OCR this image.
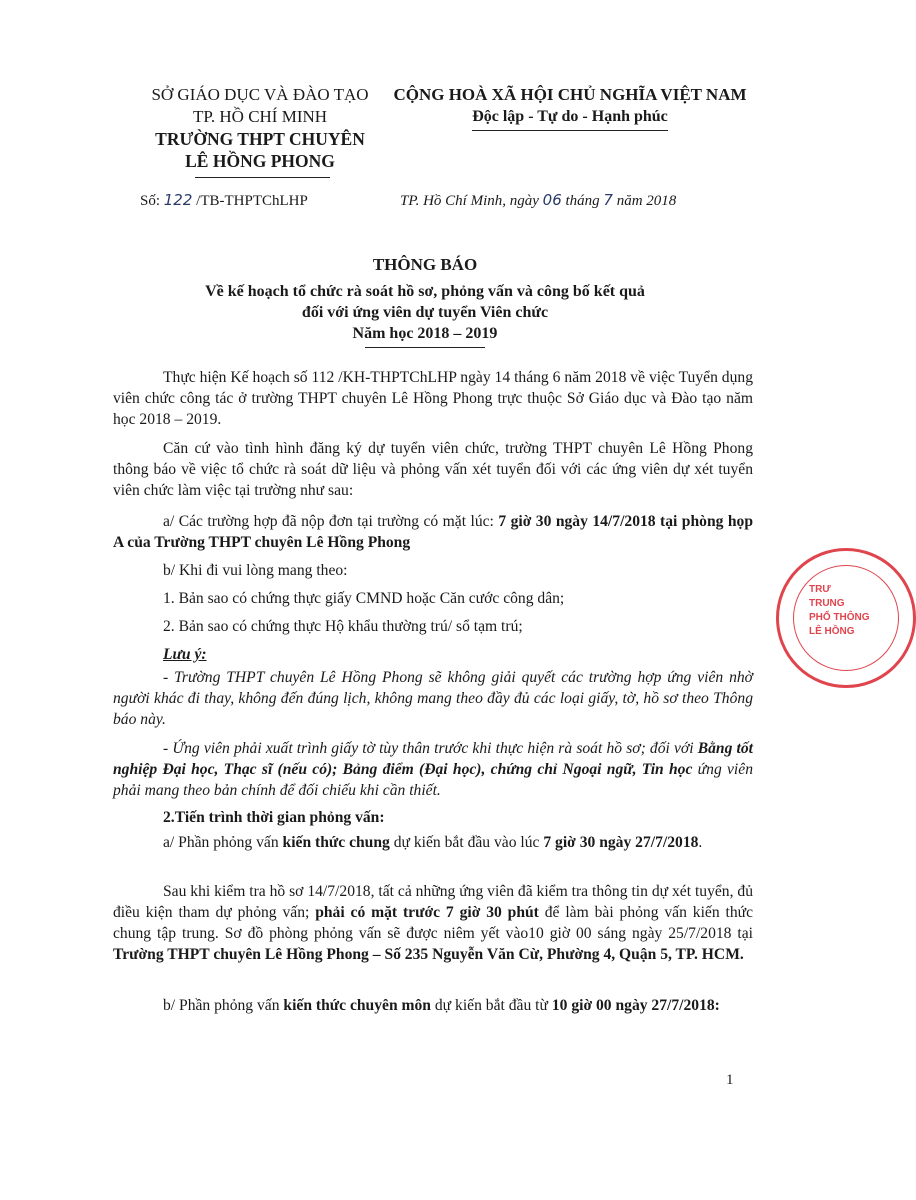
SỞ GIÁO DỤC VÀ ĐÀO TẠO
TP. HỒ CHÍ MINH
TRƯỜNG THPT CHUYÊN
LÊ HỒNG PHONG
CỘNG HOÀ XÃ HỘI CHỦ NGHĨA VIỆT NAM
Độc lập - Tự do - Hạnh phúc
Số: 122 /TB-THPTChLHP	TP. Hồ Chí Minh, ngày 06 tháng 7 năm 2018
THÔNG BÁO
Về kế hoạch tổ chức rà soát hồ sơ, phỏng vấn và công bố kết quả
đối với ứng viên dự tuyển Viên chức
Năm học 2018 – 2019
Thực hiện Kế hoạch số 112 /KH-THPTChLHP ngày 14 tháng 6 năm 2018 về việc Tuyển dụng viên chức công tác ở trường THPT chuyên Lê Hồng Phong trực thuộc Sở Giáo dục và Đào tạo năm học 2018 – 2019.
Căn cứ vào tình hình đăng ký dự tuyển viên chức, trường THPT chuyên Lê Hồng Phong thông báo về việc tổ chức rà soát dữ liệu và phỏng vấn xét tuyển đối với các ứng viên dự xét tuyển viên chức làm việc tại trường như sau:
a/ Các trường hợp đã nộp đơn tại trường có mặt lúc: 7 giờ 30 ngày 14/7/2018 tại phòng họp A của Trường THPT chuyên Lê Hồng Phong
b/ Khi đi vui lòng mang theo:
1. Bản sao có chứng thực giấy CMND hoặc Căn cước công dân;
2. Bản sao có chứng thực Hộ khẩu thường trú/ sổ tạm trú;
Lưu ý:
- Trường THPT chuyên Lê Hồng Phong sẽ không giải quyết các trường hợp ứng viên nhờ người khác đi thay, không đến đúng lịch, không mang theo đầy đủ các loại giấy, tờ, hồ sơ theo Thông báo này.
- Ứng viên phải xuất trình giấy tờ tùy thân trước khi thực hiện rà soát hồ sơ; đối với Bằng tốt nghiệp Đại học, Thạc sĩ (nếu có); Bảng điểm (Đại học), chứng chỉ Ngoại ngữ, Tin học ứng viên phải mang theo bản chính để đối chiếu khi cần thiết.
2.Tiến trình thời gian phỏng vấn:
a/ Phần phỏng vấn kiến thức chung dự kiến bắt đầu vào lúc 7 giờ 30 ngày 27/7/2018.
Sau khi kiểm tra hồ sơ 14/7/2018, tất cả những ứng viên đã kiểm tra thông tin dự xét tuyển, đủ điều kiện tham dự phỏng vấn; phải có mặt trước 7 giờ 30 phút để làm bài phỏng vấn kiến thức chung tập trung. Sơ đồ phòng phỏng vấn sẽ được niêm yết vào10 giờ 00 sáng ngày 25/7/2018 tại Trường THPT chuyên Lê Hồng Phong – Số 235 Nguyễn Văn Cừ, Phường 4, Quận 5, TP. HCM.
b/ Phần phỏng vấn kiến thức chuyên môn dự kiến bắt đầu từ 10 giờ 00 ngày 27/7/2018:
1
TRƯ
TRUNG
PHỔ THÔNG
LÊ HỒNG
